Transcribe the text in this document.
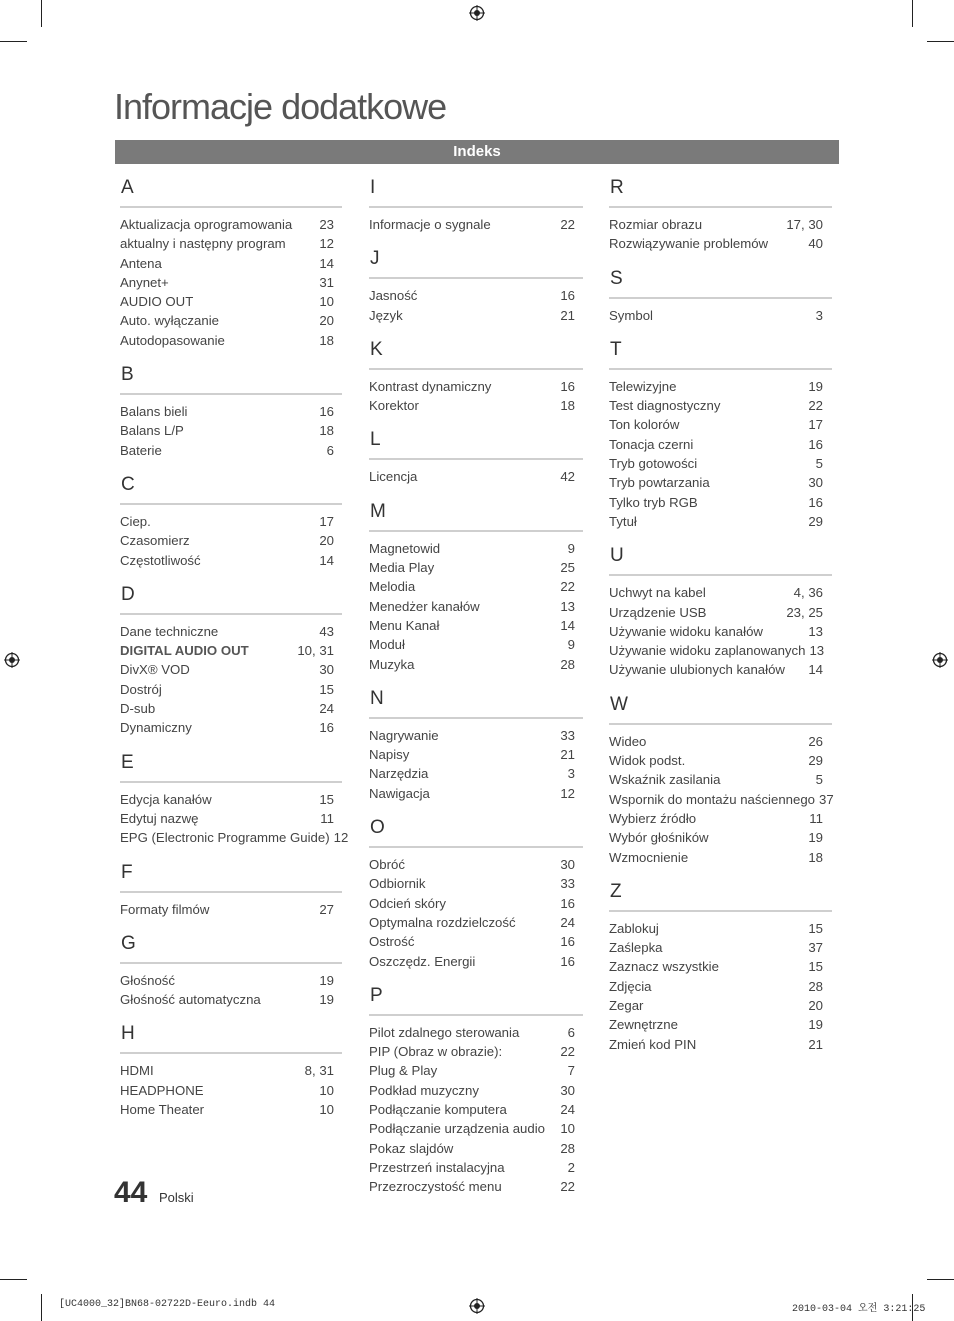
Informacje dodatkowe
Indeks
A
Aktualizacja oprogramowania	23
aktualny i następny program	12
Antena	14
Anynet+	31
AUDIO OUT	10
Auto. wyłączanie	20
Autodopasowanie	18
B
Balans bieli	16
Balans L/P	18
Baterie	6
C
Ciep.	17
Czasomierz	20
Częstotliwość	14
D
Dane techniczne	43
DIGITAL AUDIO OUT	10, 31
DivX® VOD	30
Dostrój	15
D-sub	24
Dynamiczny	16
E
Edycja kanałów	15
Edytuj nazwę	11
EPG (Electronic Programme Guide) 12
F
Formaty filmów	27
G
Głośność	19
Głośność automatyczna	19
H
HDMI	8, 31
HEADPHONE	10
Home Theater	10
I
Informacje o sygnale	22
J
Jasność	16
Język	21
K
Kontrast dynamiczny	16
Korektor	18
L
Licencja	42
M
Magnetowid	9
Media Play	25
Melodia	22
Menedżer kanałów	13
Menu Kanał	14
Moduł	9
Muzyka	28
N
Nagrywanie	33
Napisy	21
Narzędzia	3
Nawigacja	12
O
Obróć	30
Odbiornik	33
Odcień skóry	16
Optymalna rozdzielczość	24
Ostrość	16
Oszczędz. Energii	16
P
Pilot zdalnego sterowania	6
PIP (Obraz w obrazie):	22
Plug & Play	7
Podkład muzyczny	30
Podłączanie komputera	24
Podłączanie urządzenia audio	10
Pokaz slajdów	28
Przestrzeń instalacyjna	2
Przezroczystość menu	22
R
Rozmiar obrazu	17, 30
Rozwiązywanie problemów	40
S
Symbol	3
T
Telewizyjne	19
Test diagnostyczny	22
Ton kolorów	17
Tonacja czerni	16
Tryb gotowości	5
Tryb powtarzania	30
Tylko tryb RGB	16
Tytuł	29
U
Uchwyt na kabel	4, 36
Urządzenie USB	23, 25
Używanie widoku kanałów	13
Używanie widoku zaplanowanych 13
Używanie ulubionych kanałów	14
W
Wideo	26
Widok podst.	29
Wskaźnik zasilania	5
Wspornik do montażu naściennego 37
Wybierz źródło	11
Wybór głośników	19
Wzmocnienie	18
Z
Zablokuj	15
Zaślepka	37
Zaznacz wszystkie	15
Zdjęcia	28
Zegar	20
Zewnętrzne	19
Zmień kod PIN	21
44 Polski
[UC4000_32]BN68-02722D-Eeuro.indb 44	2010-03-04 오전 3:21:25
